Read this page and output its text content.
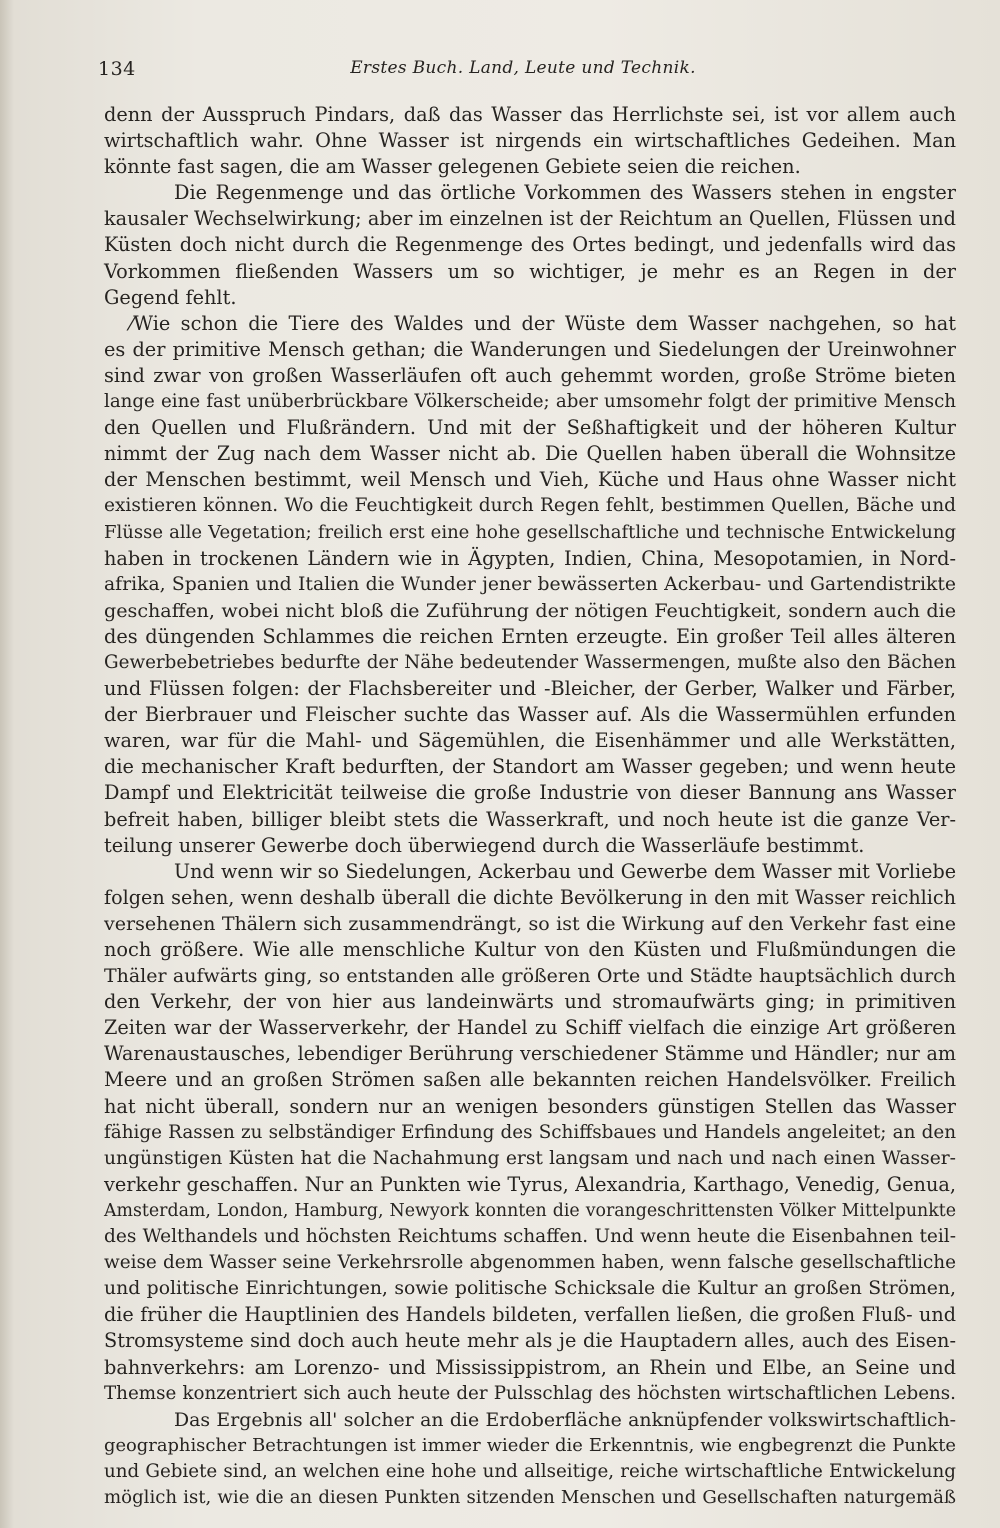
134	Erstes Buch. Land, Leute und Technik.
denn der Ausspruch Pindars, daß das Wasser das Herrlichste sei, ist vor allem auch
wirtschaftlich wahr. Ohne Wasser ist nirgends ein wirtschaftliches Gedeihen. Man
könnte fast sagen, die am Wasser gelegenen Gebiete seien die reichen.
Die Regenmenge und das örtliche Vorkommen des Wassers stehen in engster
kausaler Wechselwirkung; aber im einzelnen ist der Reichtum an Quellen, Flüssen und
Küsten doch nicht durch die Regenmenge des Ortes bedingt, und jedenfalls wird das
Vorkommen fließenden Wassers um so wichtiger, je mehr es an Regen in der
Gegend fehlt.
⁄Wie schon die Tiere des Waldes und der Wüste dem Wasser nachgehen, so hat
es der primitive Mensch gethan; die Wanderungen und Siedelungen der Ureinwohner
sind zwar von großen Wasserläufen oft auch gehemmt worden, große Ströme bieten
lange eine fast unüberbrückbare Völkerscheide; aber umsomehr folgt der primitive Mensch
den Quellen und Flußrändern. Und mit der Seßhaftigkeit und der höheren Kultur
nimmt der Zug nach dem Wasser nicht ab. Die Quellen haben überall die Wohnsitze
der Menschen bestimmt, weil Mensch und Vieh, Küche und Haus ohne Wasser nicht
existieren können. Wo die Feuchtigkeit durch Regen fehlt, bestimmen Quellen, Bäche und
Flüsse alle Vegetation; freilich erst eine hohe gesellschaftliche und technische Entwickelung
haben in trockenen Ländern wie in Ägypten, Indien, China, Mesopotamien, in Nord-
afrika, Spanien und Italien die Wunder jener bewässerten Ackerbau- und Gartendistrikte
geschaffen, wobei nicht bloß die Zuführung der nötigen Feuchtigkeit, sondern auch die
des düngenden Schlammes die reichen Ernten erzeugte. Ein großer Teil alles älteren
Gewerbebetriebes bedurfte der Nähe bedeutender Wassermengen, mußte also den Bächen
und Flüssen folgen: der Flachsbereiter und -Bleicher, der Gerber, Walker und Färber,
der Bierbrauer und Fleischer suchte das Wasser auf. Als die Wassermühlen erfunden
waren, war für die Mahl- und Sägemühlen, die Eisenhämmer und alle Werkstätten,
die mechanischer Kraft bedurften, der Standort am Wasser gegeben; und wenn heute
Dampf und Elektricität teilweise die große Industrie von dieser Bannung ans Wasser
befreit haben, billiger bleibt stets die Wasserkraft, und noch heute ist die ganze Ver-
teilung unserer Gewerbe doch überwiegend durch die Wasserläufe bestimmt.
Und wenn wir so Siedelungen, Ackerbau und Gewerbe dem Wasser mit Vorliebe
folgen sehen, wenn deshalb überall die dichte Bevölkerung in den mit Wasser reichlich
versehenen Thälern sich zusammendrängt, so ist die Wirkung auf den Verkehr fast eine
noch größere. Wie alle menschliche Kultur von den Küsten und Flußmündungen die
Thäler aufwärts ging, so entstanden alle größeren Orte und Städte hauptsächlich durch
den Verkehr, der von hier aus landeinwärts und stromaufwärts ging; in primitiven
Zeiten war der Wasserverkehr, der Handel zu Schiff vielfach die einzige Art größeren
Warenaustausches, lebendiger Berührung verschiedener Stämme und Händler; nur am
Meere und an großen Strömen saßen alle bekannten reichen Handelsvölker. Freilich
hat nicht überall, sondern nur an wenigen besonders günstigen Stellen das Wasser
fähige Rassen zu selbständiger Erfindung des Schiffsbaues und Handels angeleitet; an den
ungünstigen Küsten hat die Nachahmung erst langsam und nach und nach einen Wasser-
verkehr geschaffen. Nur an Punkten wie Tyrus, Alexandria, Karthago, Venedig, Genua,
Amsterdam, London, Hamburg, Newyork konnten die vorangeschrittensten Völker Mittelpunkte
des Welthandels und höchsten Reichtums schaffen. Und wenn heute die Eisenbahnen teil-
weise dem Wasser seine Verkehrsrolle abgenommen haben, wenn falsche gesellschaftliche
und politische Einrichtungen, sowie politische Schicksale die Kultur an großen Strömen,
die früher die Hauptlinien des Handels bildeten, verfallen ließen, die großen Fluß- und
Stromsysteme sind doch auch heute mehr als je die Hauptadern alles, auch des Eisen-
bahnverkehrs: am Lorenzo- und Mississippistrom, an Rhein und Elbe, an Seine und
Themse konzentriert sich auch heute der Pulsschlag des höchsten wirtschaftlichen Lebens.
Das Ergebnis all' solcher an die Erdoberfläche anknüpfender volkswirtschaftlich-
geographischer Betrachtungen ist immer wieder die Erkenntnis, wie engbegrenzt die Punkte
und Gebiete sind, an welchen eine hohe und allseitige, reiche wirtschaftliche Entwickelung
möglich ist, wie die an diesen Punkten sitzenden Menschen und Gesellschaften naturgemäß
